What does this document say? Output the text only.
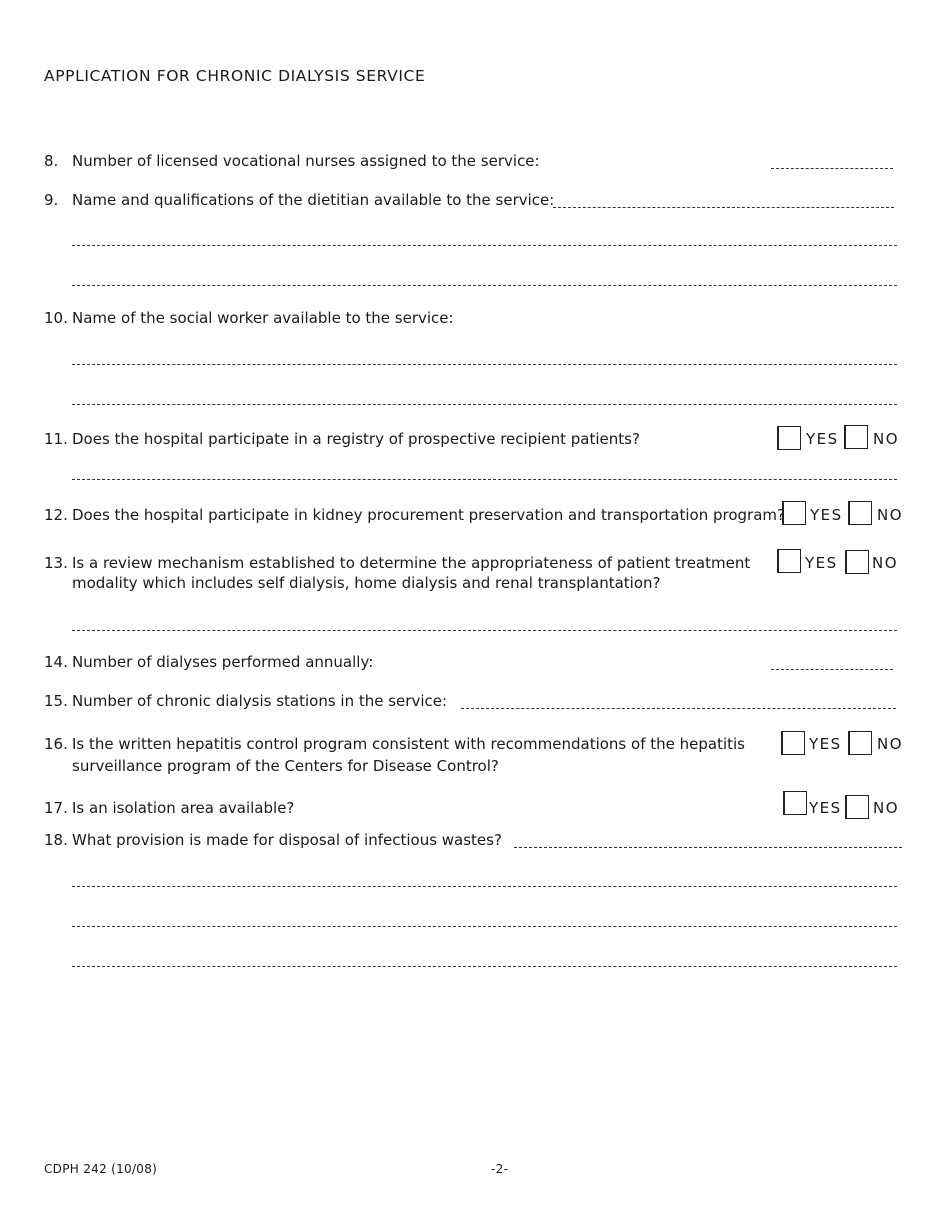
APPLICATION FOR CHRONIC DIALYSIS SERVICE
8. Number of licensed vocational nurses assigned to the service:
9. Name and qualifications of the dietitian available to the service:
10. Name of the social worker available to the service:
11. Does the hospital participate in a registry of prospective recipient patients?	YES NO
12. Does the hospital participate in kidney procurement preservation and transportation program? YES NO
13. Is a review mechanism established to determine the appropriateness of patient treatment
modality which includes self dialysis, home dialysis and renal transplantation?
YES NO
14. Number of dialyses performed annually:
15. Number of chronic dialysis stations in the service:
16. Is the written hepatitis control program consistent with recommendations of the hepatitis
surveillance program of the Centers for Disease Control?
YES NO
17. Is an isolation area available?	YES NO
18. What provision is made for disposal of infectious wastes?
CDPH 242 (10/08)	-2-
